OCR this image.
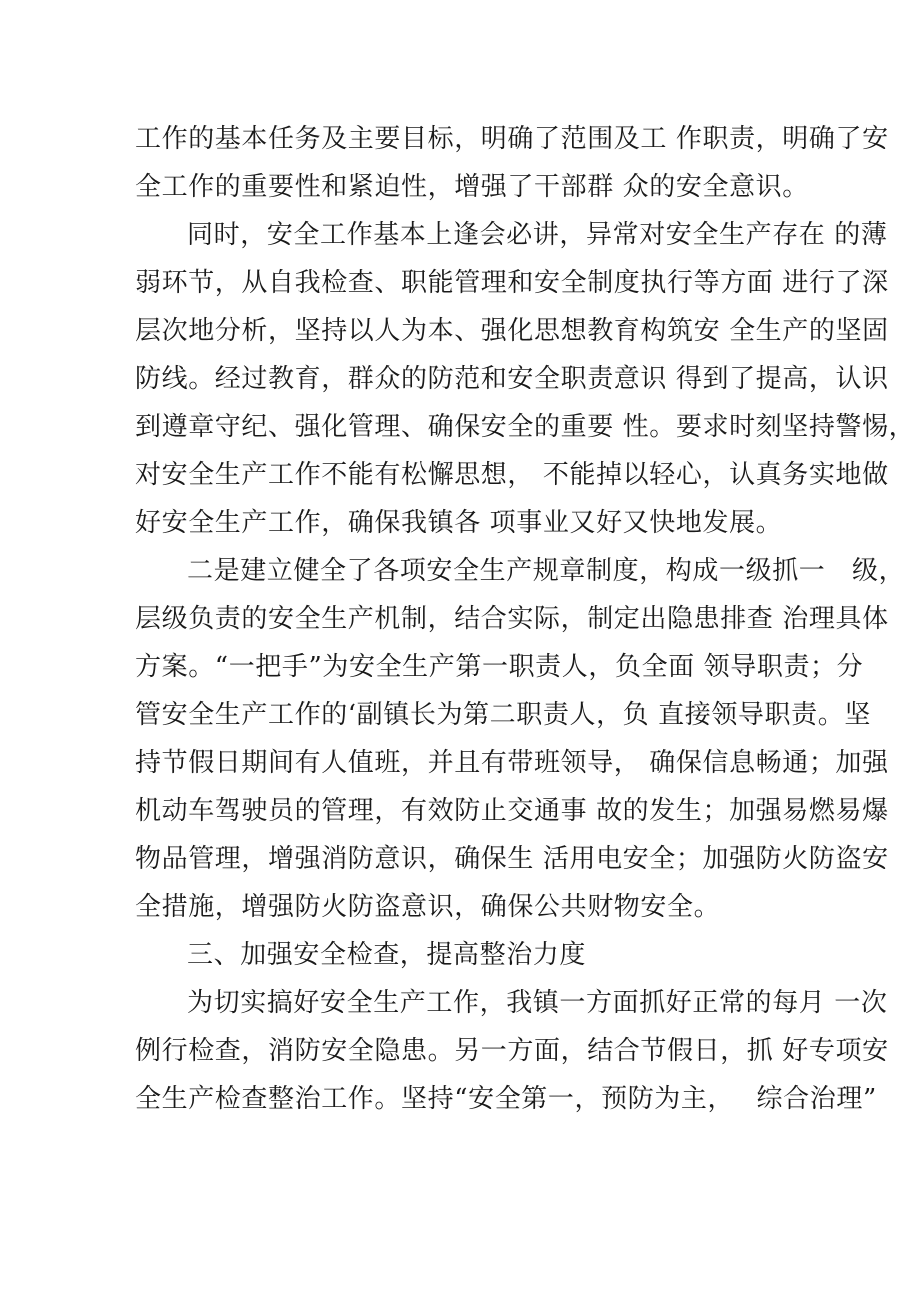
工作的基本任务及主要目标，明确了范围及工 作职责，明确了安
全工作的重要性和紧迫性，增强了干部群 众的安全意识。
同时，安全工作基本上逢会必讲，异常对安全生产存在 的薄
弱环节，从自我检查、职能管理和安全制度执行等方面 进行了深
层次地分析，坚持以人为本、强化思想教育构筑安 全生产的坚固
防线。经过教育，群众的防范和安全职责意识 得到了提高，认识
到遵章守纪、强化管理、确保安全的重要 性。要求时刻坚持警惕，
对安全生产工作不能有松懈思想， 不能掉以轻心，认真务实地做
好安全生产工作，确保我镇各 项事业又好又快地发展。
二是建立健全了各项安全生产规章制度，构成一级抓一　级，
层级负责的安全生产机制，结合实际，制定出隐患排查 治理具体
方案。“一把手”为安全生产第一职责人，负全面 领导职责；分
管安全生产工作的‘副镇长为第二职责人，负 直接领导职责。坚
持节假日期间有人值班，并且有带班领导， 确保信息畅通；加强
机动车驾驶员的管理，有效防止交通事 故的发生；加强易燃易爆
物品管理，增强消防意识，确保生 活用电安全；加强防火防盗安
全措施，增强防火防盗意识，确保公共财物安全。
三、加强安全检查，提高整治力度
为切实搞好安全生产工作，我镇一方面抓好正常的每月 一次
例行检查，消防安全隐患。另一方面，结合节假日，抓 好专项安
全生产检查整治工作。坚持“安全第一，预防为主，　 综合治理”
